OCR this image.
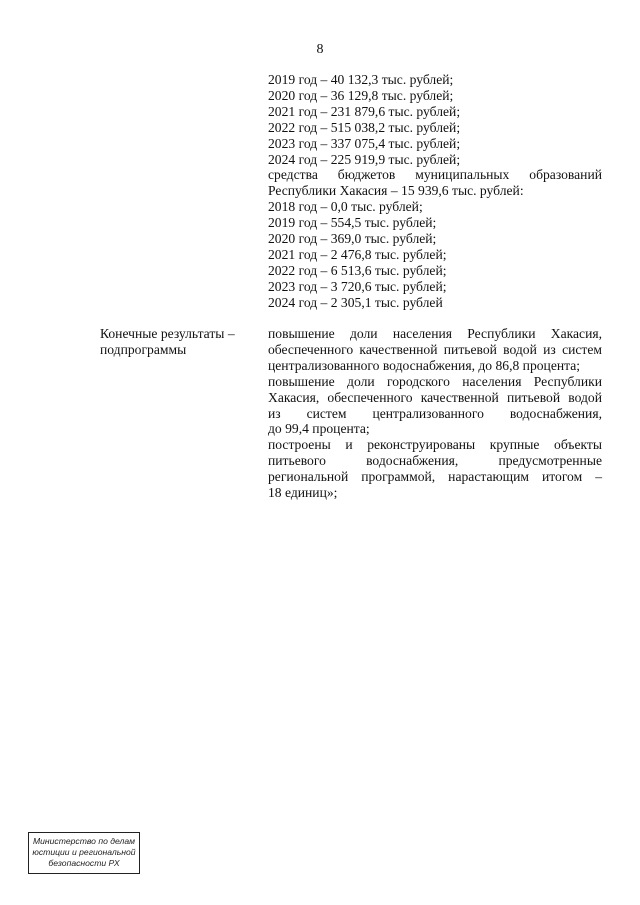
8
2019 год – 40 132,3 тыс. рублей;
2020 год – 36 129,8 тыс. рублей;
2021 год – 231 879,6 тыс. рублей;
2022 год – 515 038,2 тыс. рублей;
2023 год – 337 075,4 тыс. рублей;
2024 год – 225 919,9 тыс. рублей;
средства бюджетов муниципальных образований
Республики Хакасия – 15 939,6 тыс. рублей:
2018 год – 0,0 тыс. рублей;
2019 год – 554,5 тыс. рублей;
2020 год – 369,0 тыс. рублей;
2021 год – 2 476,8 тыс. рублей;
2022 год – 6 513,6 тыс. рублей;
2023 год – 3 720,6 тыс. рублей;
2024 год – 2 305,1 тыс. рублей
Конечные результаты –
подпрограммы
повышение доли населения Республики Хакасия,
обеспеченного качественной питьевой водой из систем
централизованного водоснабжения, до 86,8 процента;
повышение доли городского населения Республики
Хакасия, обеспеченного качественной питьевой водой
из систем централизованного водоснабжения,
до 99,4 процента;
построены и реконструированы крупные объекты
питьевого водоснабжения, предусмотренные
региональной программой, нарастающим итогом –
18 единиц»;
Министерство по делам
юстиции и региональной
безопасности РХ
